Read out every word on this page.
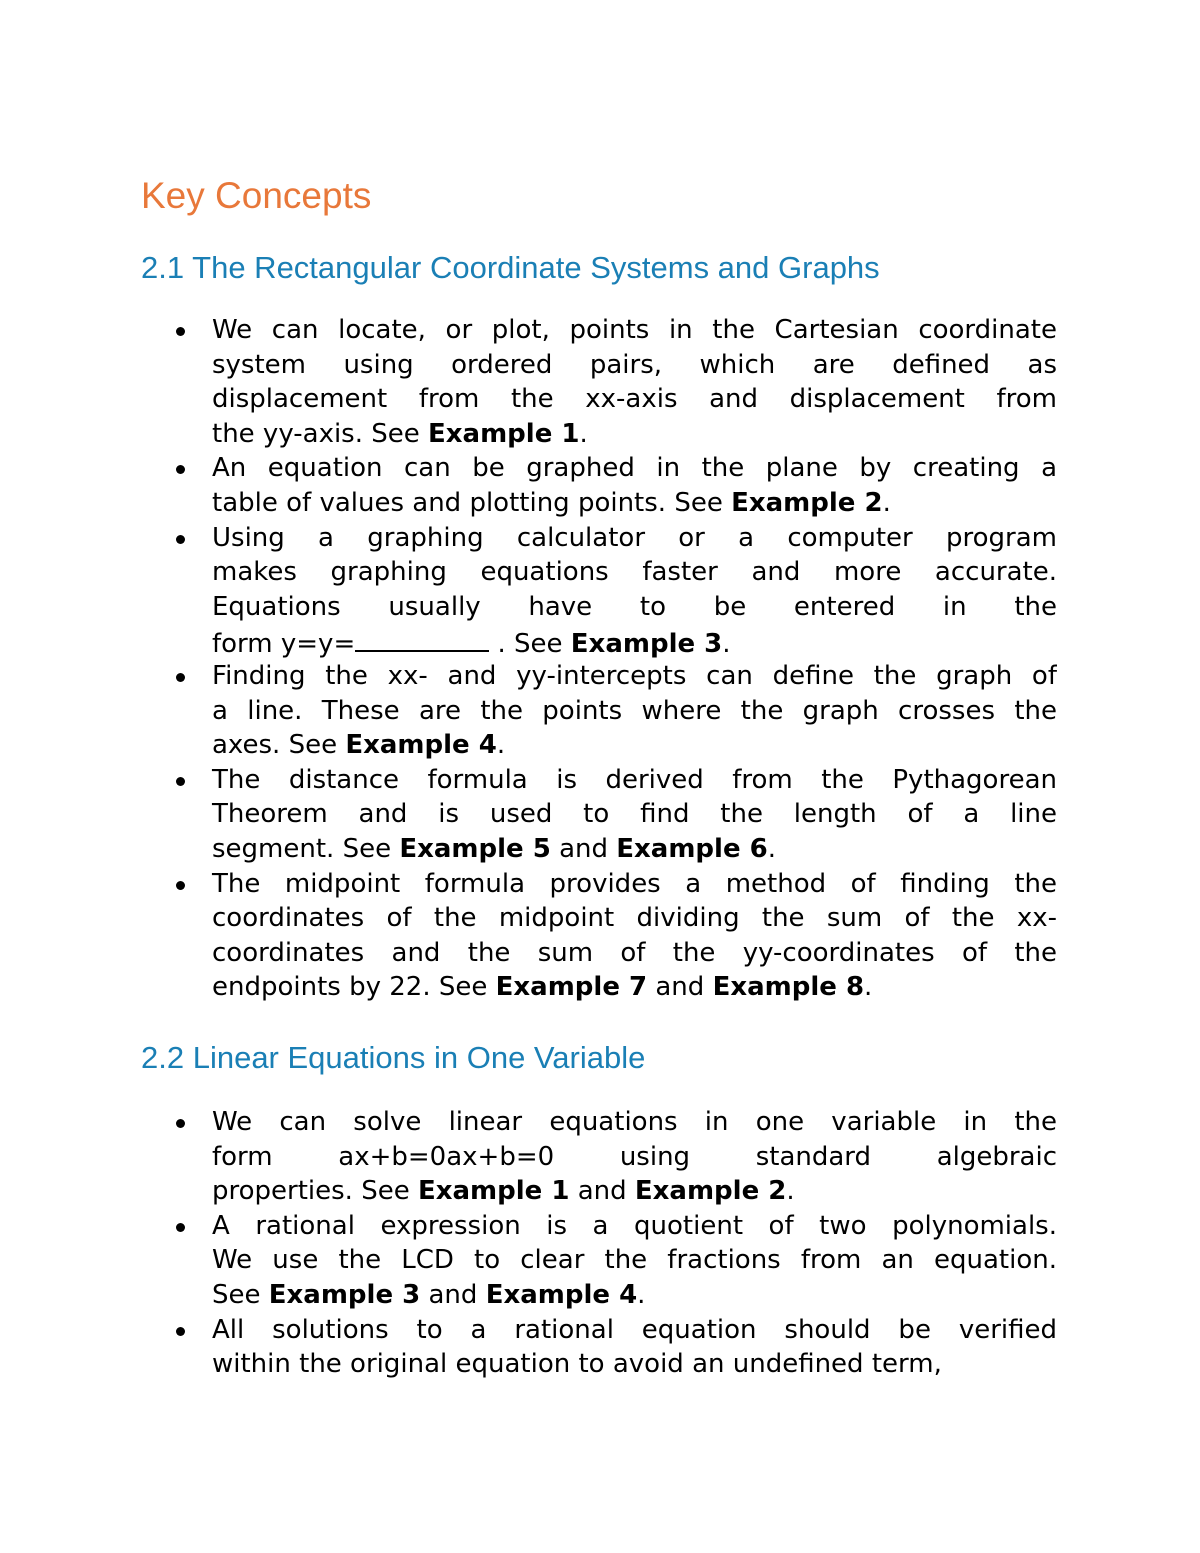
Key Concepts
2.1 The Rectangular Coordinate Systems and Graphs
We can locate, or plot, points in the Cartesian coordinate
system using ordered pairs, which are defined as
displacement from the xx-axis and displacement from
the yy-axis. See Example 1.
An equation can be graphed in the plane by creating a
table of values and plotting points. See Example 2.
Using a graphing calculator or a computer program
makes graphing equations faster and more accurate.
Equations usually have to be entered in the
form y=y=	. See Example 3.
Finding the xx- and yy-intercepts can define the graph of
a line. These are the points where the graph crosses the
axes. See Example 4.
The distance formula is derived from the Pythagorean
Theorem and is used to find the length of a line
segment. See Example 5 and Example 6.
The midpoint formula provides a method of finding the
coordinates of the midpoint dividing the sum of the xx-
coordinates and the sum of the yy-coordinates of the
endpoints by 22. See Example 7 and Example 8.
2.2 Linear Equations in One Variable
We can solve linear equations in one variable in the
form ax+b=0ax+b=0 using standard algebraic
properties. See Example 1 and Example 2.
A rational expression is a quotient of two polynomials.
We use the LCD to clear the fractions from an equation.
See Example 3 and Example 4.
All solutions to a rational equation should be verified
within the original equation to avoid an undefined term,
